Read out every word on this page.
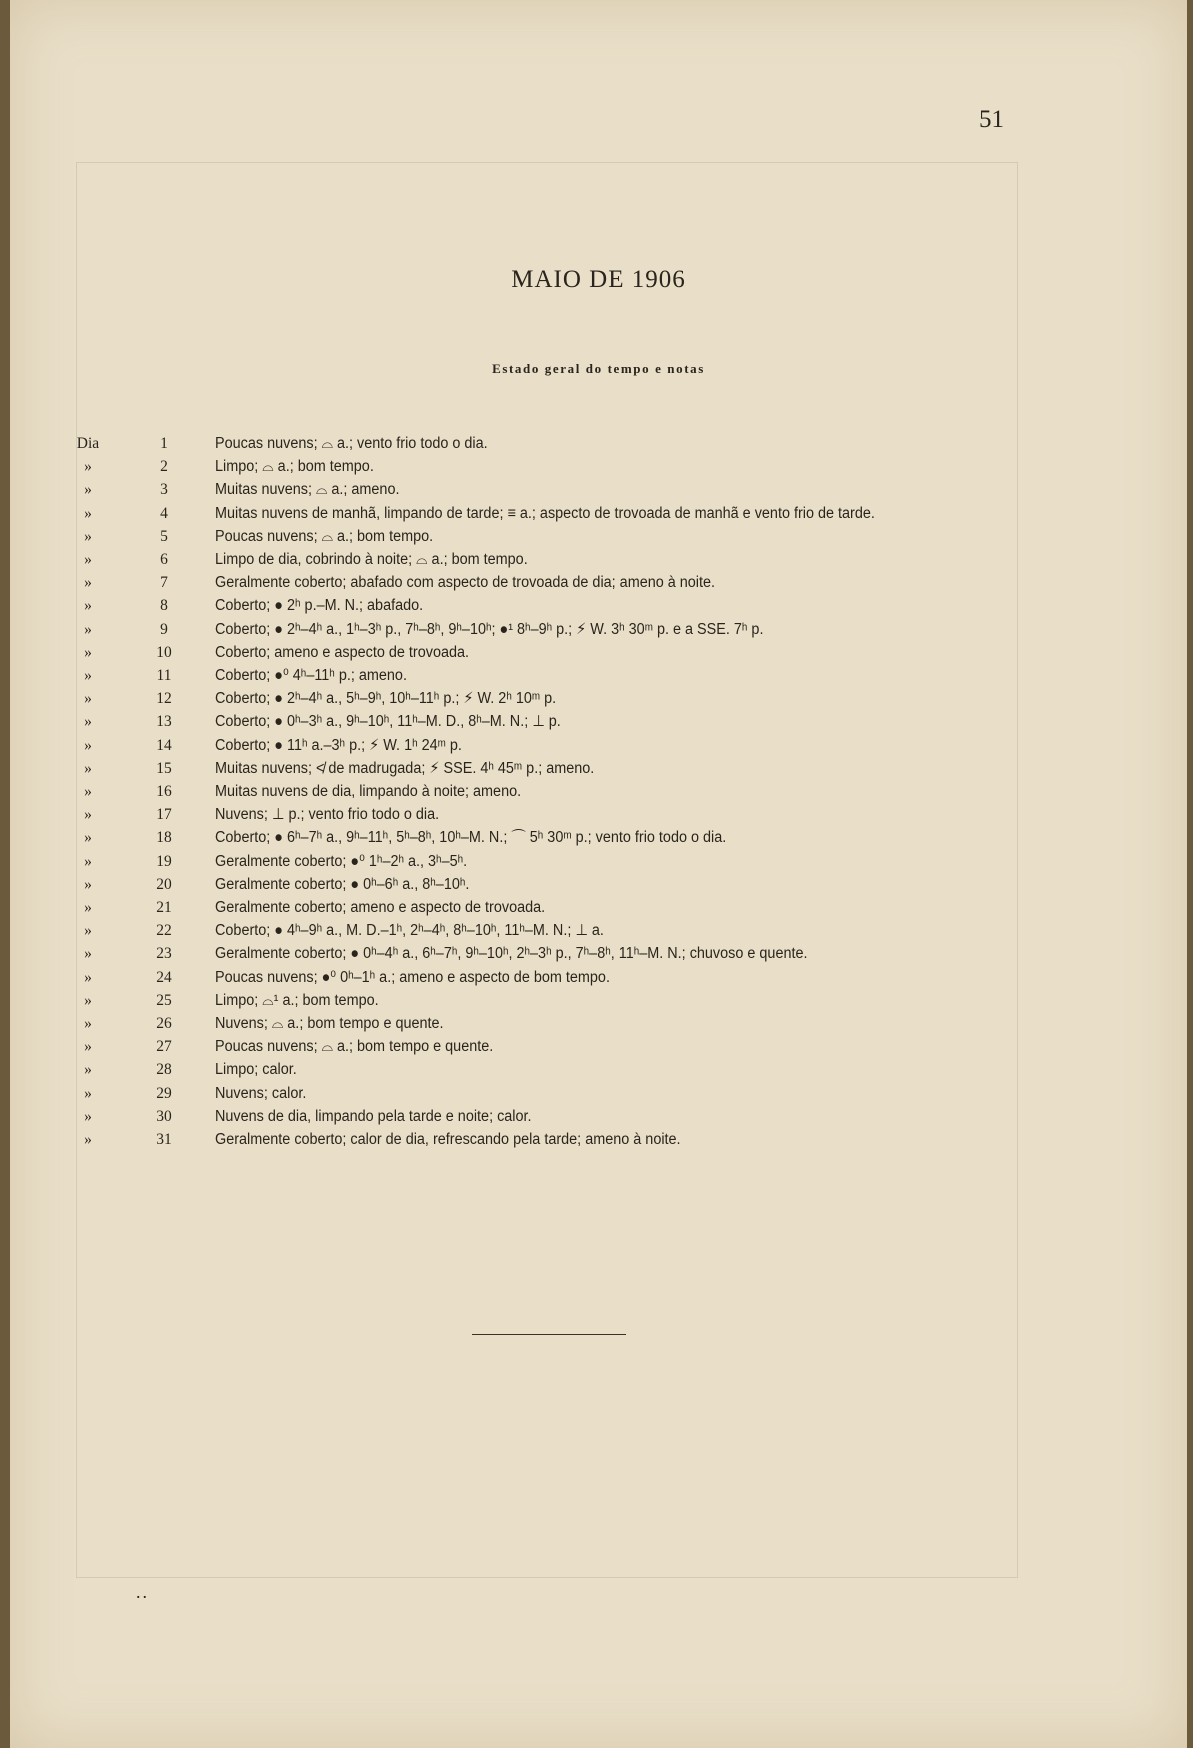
51
MAIO DE 1906
Estado geral do tempo e notas
Dia	1	Poucas nuvens; ⌓ a.; vento frio todo o dia.
»	2	Limpo; ⌓ a.; bom tempo.
»	3	Muitas nuvens; ⌓ a.; ameno.
»	4	Muitas nuvens de manhã, limpando de tarde; ≡ a.; aspecto de trovoada de manhã e vento frio de tarde.
»	5	Poucas nuvens; ⌓ a.; bom tempo.
»	6	Limpo de dia, cobrindo à noite; ⌓ a.; bom tempo.
»	7	Geralmente coberto; abafado com aspecto de trovoada de dia; ameno à noite.
»	8	Coberto; ● 2ʰ p.–M. N.; abafado.
»	9	Coberto; ● 2ʰ–4ʰ a., 1ʰ–3ʰ p., 7ʰ–8ʰ, 9ʰ–10ʰ; ●¹ 8ʰ–9ʰ p.; ⚡ W. 3ʰ 30ᵐ p. e a SSE. 7ʰ p.
»	10	Coberto; ameno e aspecto de trovoada.
»	11	Coberto; ●⁰ 4ʰ–11ʰ p.; ameno.
»	12	Coberto; ● 2ʰ–4ʰ a., 5ʰ–9ʰ, 10ʰ–11ʰ p.; ⚡ W. 2ʰ 10ᵐ p.
»	13	Coberto; ● 0ʰ–3ʰ a., 9ʰ–10ʰ, 11ʰ–M. D., 8ʰ–M. N.; ⊥ p.
»	14	Coberto; ● 11ʰ a.–3ʰ p.; ⚡ W. 1ʰ 24ᵐ p.
»	15	Muitas nuvens; ≮ de madrugada; ⚡ SSE. 4ʰ 45ᵐ p.; ameno.
»	16	Muitas nuvens de dia, limpando à noite; ameno.
»	17	Nuvens; ⊥ p.; vento frio todo o dia.
»	18	Coberto; ● 6ʰ–7ʰ a., 9ʰ–11ʰ, 5ʰ–8ʰ, 10ʰ–M. N.; ⌒ 5ʰ 30ᵐ p.; vento frio todo o dia.
»	19	Geralmente coberto; ●⁰ 1ʰ–2ʰ a., 3ʰ–5ʰ.
»	20	Geralmente coberto; ● 0ʰ–6ʰ a., 8ʰ–10ʰ.
»	21	Geralmente coberto; ameno e aspecto de trovoada.
»	22	Coberto; ● 4ʰ–9ʰ a., M. D.–1ʰ, 2ʰ–4ʰ, 8ʰ–10ʰ, 11ʰ–M. N.; ⊥ a.
»	23	Geralmente coberto; ● 0ʰ–4ʰ a., 6ʰ–7ʰ, 9ʰ–10ʰ, 2ʰ–3ʰ p., 7ʰ–8ʰ, 11ʰ–M. N.; chuvoso e quente.
»	24	Poucas nuvens; ●⁰ 0ʰ–1ʰ a.; ameno e aspecto de bom tempo.
»	25	Limpo; ⌓¹ a.; bom tempo.
»	26	Nuvens; ⌓ a.; bom tempo e quente.
»	27	Poucas nuvens; ⌓ a.; bom tempo e quente.
»	28	Limpo; calor.
»	29	Nuvens; calor.
»	30	Nuvens de dia, limpando pela tarde e noite; calor.
»	31	Geralmente coberto; calor de dia, refrescando pela tarde; ameno à noite.
..
